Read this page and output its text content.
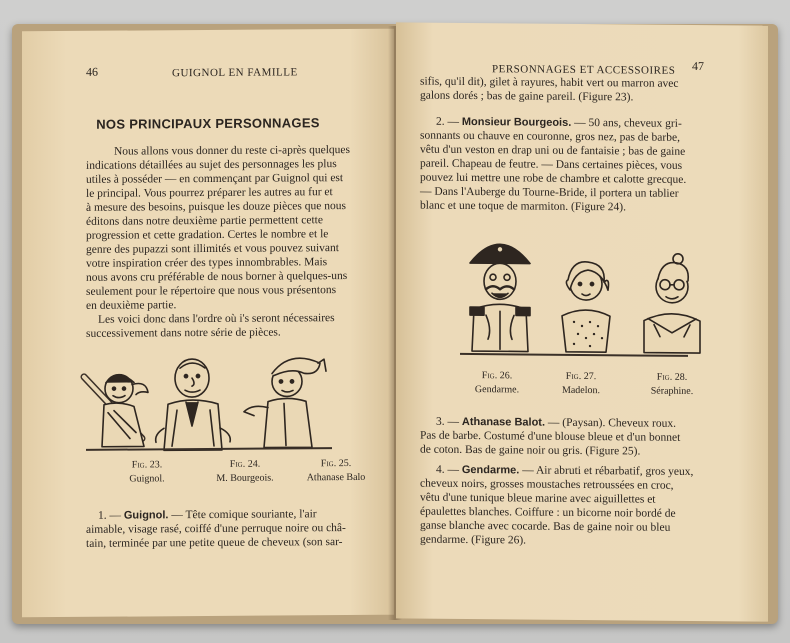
46	GUIGNOL EN FAMILLE
NOS PRINCIPAUX PERSONNAGES
Nous allons vous donner du reste ci-après quelques
indications détaillées au sujet des personnages les plus
utiles à posséder — en commençant par Guignol qui est
le principal. Vous pourrez préparer les autres au fur et
à mesure des besoins, puisque les douze pièces que nous
éditons dans notre deuxième partie permettent cette
progression et cette gradation. Certes le nombre et le
genre des pupazzi sont illimités et vous pouvez suivant
votre inspiration créer des types innombrables. Mais
nous avons cru préférable de nous borner à quelques-uns
seulement pour le répertoire que nous vous présentons
en deuxième partie.
Les voici donc dans l'ordre où i's seront nécessaires
successivement dans notre série de pièces.
Fig. 23.
Guignol.
Fig. 24.
M. Bourgeois.
Fig. 25.
Athanase Balo
1. — Guignol. — Tête comique souriante, l'air
aimable, visage rasé, coiffé d'une perruque noire ou châ-
tain, terminée par une petite queue de cheveux (son sar-
PERSONNAGES ET ACCESSOIRES 47
sifis, qu'il dit), gilet à rayures, habit vert ou marron avec
galons dorés ; bas de gaine pareil. (Figure 23).
2. — Monsieur Bourgeois. — 50 ans, cheveux gri-
sonnants ou chauve en couronne, gros nez, pas de barbe,
vêtu d'un veston en drap uni ou de fantaisie ; bas de gaine
pareil. Chapeau de feutre. — Dans certaines pièces, vous
pouvez lui mettre une robe de chambre et calotte grecque.
— Dans l'Auberge du Tourne-Bride, il portera un tablier
blanc et une toque de marmiton. (Figure 24).
Fig. 26.
Gendarme.
Fig. 27.
Madelon.
Fig. 28.
Séraphine.
3. — Athanase Balot. — (Paysan). Cheveux roux.
Pas de barbe. Costumé d'une blouse bleue et d'un bonnet
de coton. Bas de gaine noir ou gris. (Figure 25).
4. — Gendarme. — Air abruti et rébarbatif, gros yeux,
cheveux noirs, grosses moustaches retroussées en croc,
vêtu d'une tunique bleue marine avec aiguillettes et
épaulettes blanches. Coiffure : un bicorne noir bordé de
ganse blanche avec cocarde. Bas de gaine noir ou bleu
gendarme. (Figure 26).
